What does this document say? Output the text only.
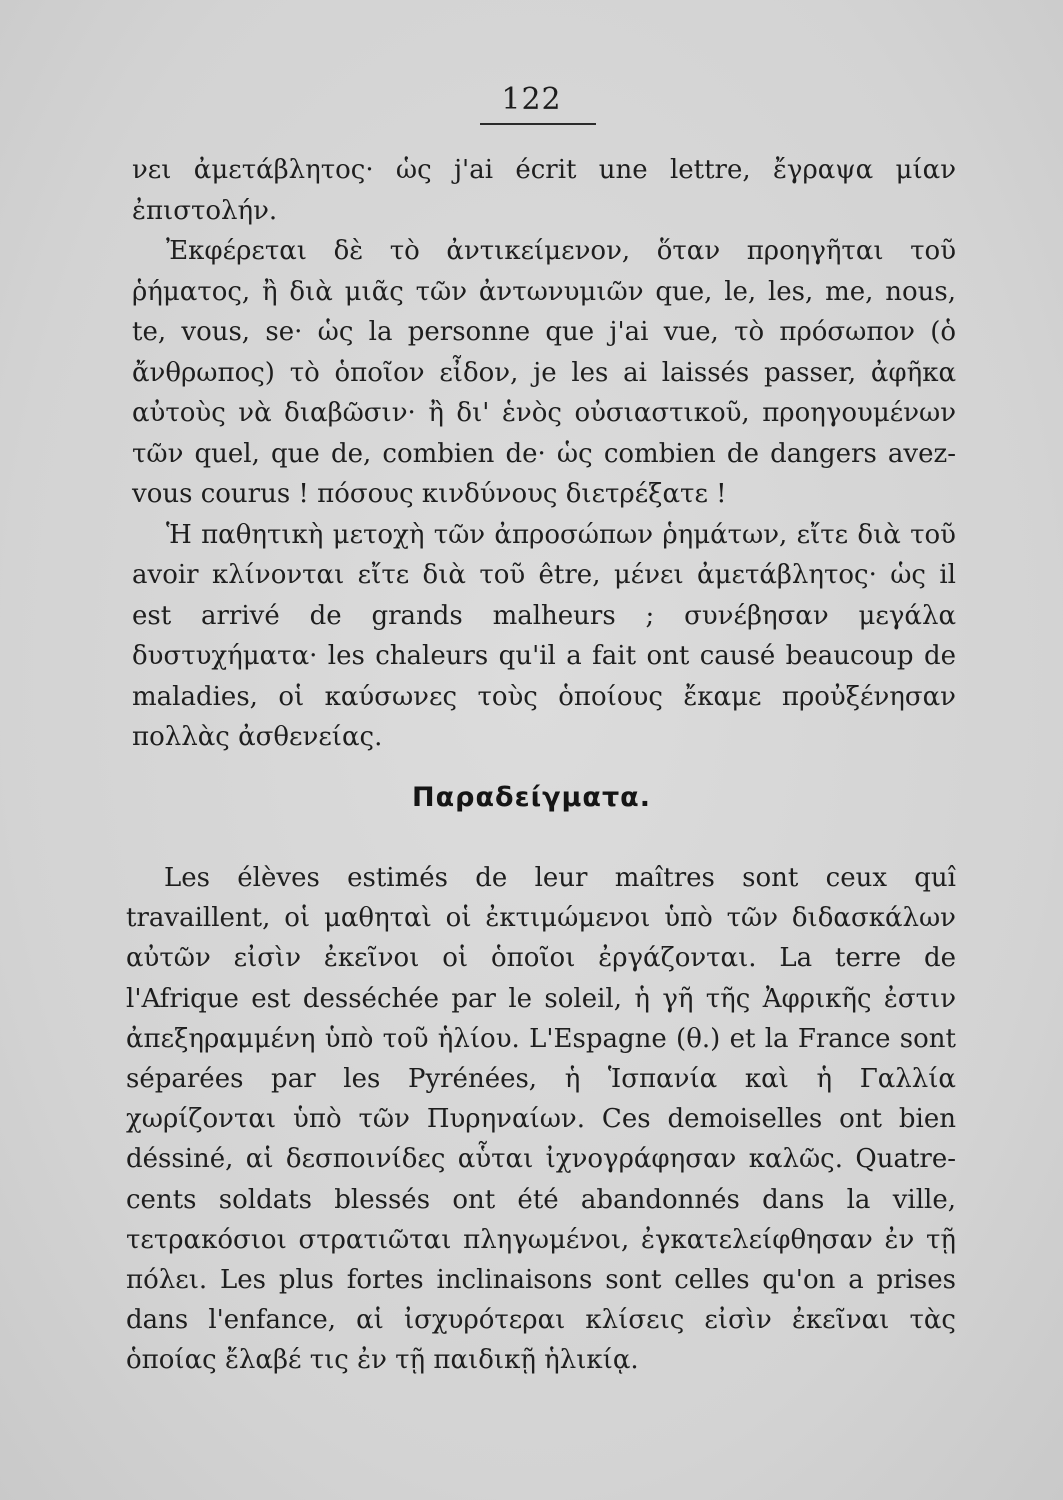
122

νει ἀμετάβλητος· ὡς j'ai écrit une lettre, ἔγραψα μίαν ἐπιστολήν.

Ἐκφέρεται δὲ τὸ ἀντικείμενον, ὅταν προηγῆται τοῦ ῥήματος, ἢ διὰ μιᾶς τῶν ἀντωνυμιῶν que, le, les, me, nous, te, vous, se· ὡς la personne que j'ai vue, τὸ πρόσωπον (ὁ ἄνθρωπος) τὸ ὁποῖον εἶδον, je les ai laissés passer, ἀφῆκα αὐτοὺς νὰ διαβῶσιν· ἢ δι' ἑνὸς οὐσιαστικοῦ, προηγουμένων τῶν quel, que de, combien de· ὡς combien de dangers avez-vous courus ! πόσους κινδύνους διετρέξατε !

Ἡ παθητικὴ μετοχὴ τῶν ἀπροσώπων ῥημάτων, εἴτε διὰ τοῦ avoir κλίνονται εἴτε διὰ τοῦ être, μένει ἀμετάβλητος· ὡς il est arrivé de grands malheurs ; συνέβησαν μεγάλα δυστυχήματα· les chaleurs qu'il a fait ont causé beaucoup de maladies, οἱ καύσωνες τοὺς ὁποίους ἔκαμε προὐξένησαν πολλὰς ἀσθενείας.

Παραδείγματα.

Les élèves estimés de leur maîtres sont ceux quî travaillent, οἱ μαθηταὶ οἱ ἐκτιμώμενοι ὑπὸ τῶν διδασκάλων αὐτῶν εἰσὶν ἐκεῖνοι οἱ ὁποῖοι ἐργάζονται. La terre de l'Afrique est desséchée par le soleil, ἡ γῆ τῆς Ἀφρικῆς ἐστιν ἀπεξηραμμένη ὑπὸ τοῦ ἡλίου. L'Espagne (θ.) et la France sont séparées par les Pyrénées, ἡ Ἱσπανία καὶ ἡ Γαλλία χωρίζονται ὑπὸ τῶν Πυρηναίων. Ces demoiselles ont bien déssiné, αἱ δεσποινίδες αὗται ἰχνογράφησαν καλῶς. Quatre-cents soldats blessés ont été abandonnés dans la ville, τετρακόσιοι στρατιῶται πληγωμένοι, ἐγκατελείφθησαν ἐν τῇ πόλει. Les plus fortes inclinaisons sont celles qu'on a prises dans l'enfance, αἱ ἰσχυρότεραι κλίσεις εἰσὶν ἐκεῖναι τὰς ὁποίας ἔλαβέ τις ἐν τῇ παιδικῇ ἡλικίᾳ.
